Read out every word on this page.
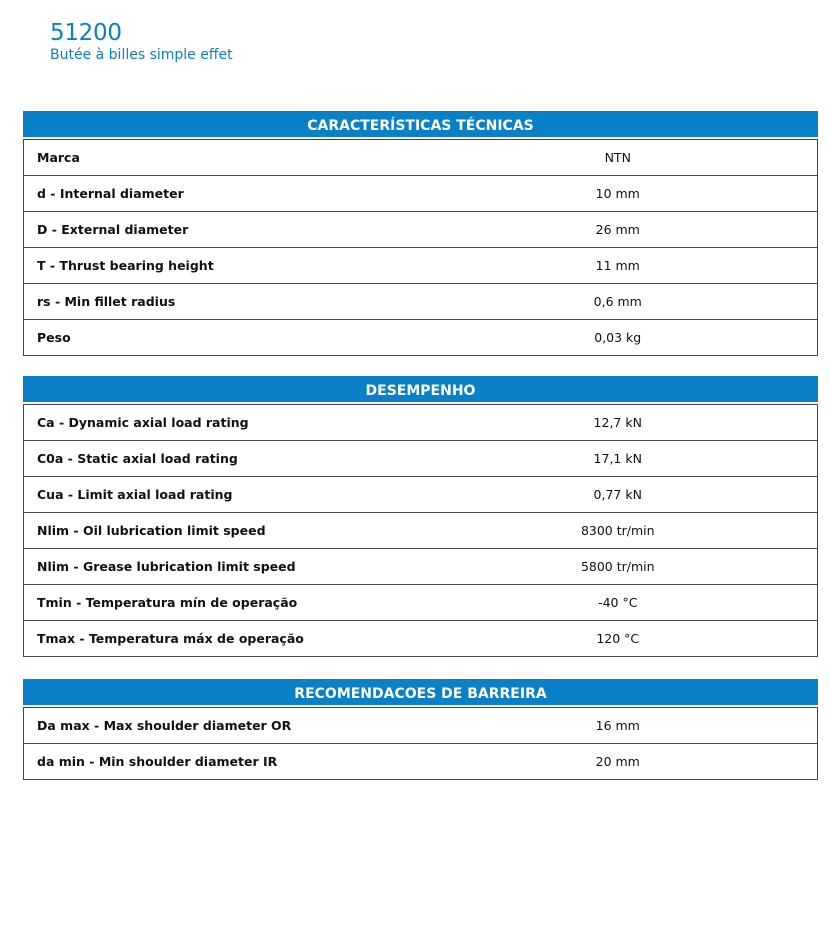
51200
Butée à billes simple effet
CARACTERÍSTICAS TÉCNICAS
Marca	NTN
d - Internal diameter	10 mm
D - External diameter	26 mm
T - Thrust bearing height	11 mm
rs - Min fillet radius	0,6 mm
Peso	0,03 kg
DESEMPENHO
Ca - Dynamic axial load rating	12,7 kN
C0a - Static axial load rating	17,1 kN
Cua - Limit axial load rating	0,77 kN
Nlim - Oil lubrication limit speed	8300 tr/min
Nlim - Grease lubrication limit speed	5800 tr/min
Tmin - Temperatura mín de operação	-40 °C
Tmax - Temperatura máx de operação	120 °C
RECOMENDACOES DE BARREIRA
Da max - Max shoulder diameter OR	16 mm
da min - Min shoulder diameter IR	20 mm
